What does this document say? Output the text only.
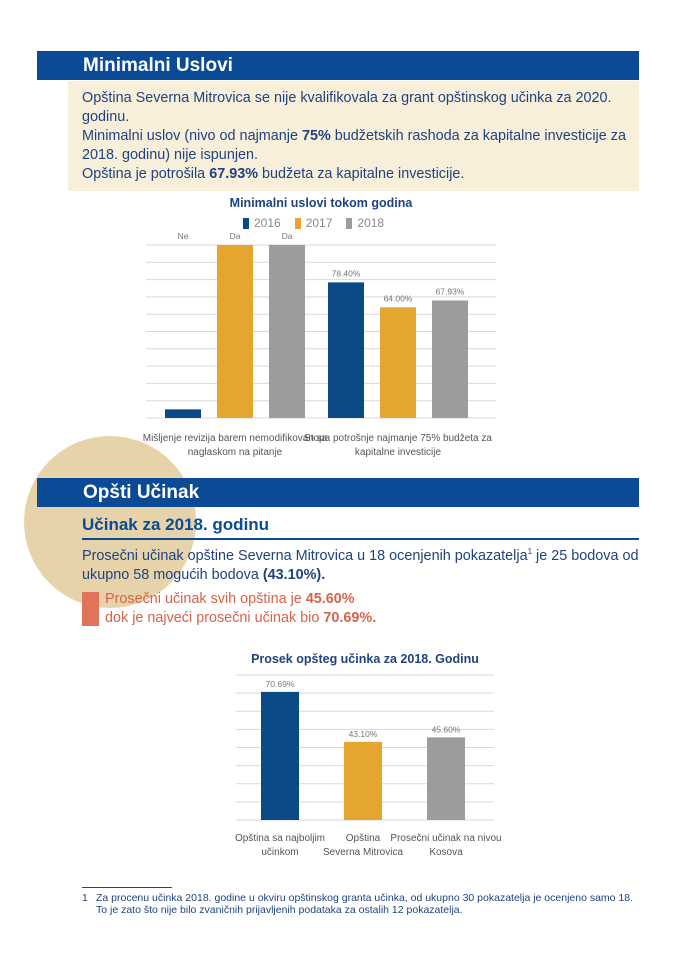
Minimalni Uslovi

Opština Severna Mitrovica se nije kvalifikovala za grant opštinskog učinka za 2020. godinu.

Minimalni uslov (nivo od najmanje 75% budžetskih rashoda za kapitalne investicije za 2018. godinu) nije ispunjen.

Opština je potrošila 67.93% budžeta za kapitalne investicije.

Minimalni uslovi tokom godina
2016 2017 2018
Ne
78.40%
Da
64.00%
Da
67.93%
Mišljenje revizija barem nemodifikovan sa
naglaskom na pitanje
Stopa potrošnje najmanje 75% budžeta za
kapitalne investicije
Opšti Učinak
Učinak za 2018. godinu
Prosečni učinak opštine Severna Mitrovica u 18 ocenjenih pokazatelja$^1$ je 25 bodova od ukupno 58 mogućih bodova (43.10%).
Prosečni učinak svih opština je 45.60%
dok je najveći prosečni učinak bio 70.69%.
Prosek opšteg učinka za 2018. Godinu
70.69%
43.10%	45.60%
Opština sa najboljim
učinkom
Opština
Severna Mitrovica
Prosečni učinak na nivou
Kosova
1 Za procenu učinka 2018. godine u okviru opštinskog granta učinka, od ukupno 30 pokazatelja je ocenjeno samo 18. To je zato što nije bilo zvaničnih prijavljenih podataka za ostalih 12 pokazatelja.
